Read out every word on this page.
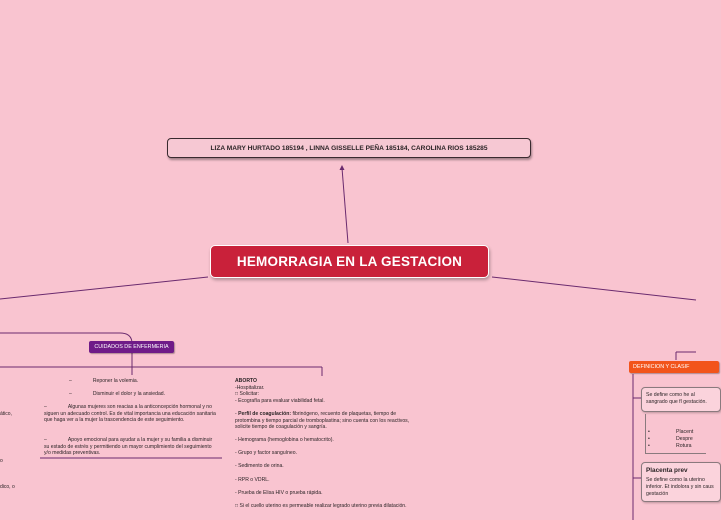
LIZA MARY HURTADO 185194 , LINNA GISSELLE PEÑA 185184, CAROLINA RIOS 185285
HEMORRAGIA EN LA GESTACION
CUIDADOS DE ENFERMERIA
DEFINICION Y CLASIF
–	Reponer la volemia.
–	Disminuir el dolor y la ansiedad.
–	Algunas mujeres son reacias a la anticoncepción hormonal y no siguen un adecuado control. Es de vital importancia una educación sanitaria que haga ver a la mujer la trascendencia de este seguimiento.
–	Apoyo emocional para ayudar a la mujer y su familia a disminuir su estado de estrés y permitiendo un mayor cumplimiento del seguimiento y/o medidas preventivas.
ABORTO
-Hospitalizar.
□ Solicitar:

- Ecografía para evaluar viabilidad fetal.

- Perfil de coagulación: fibrinógeno, recuento de plaquetas, tiempo de protombina y tiempo parcial de tromboplastina; sino cuenta con los reactivos, solicite tiempo de coagulación y sangría.

- Hemograma (hemoglobina o hematocrito).

- Grupo y factor sanguíneo.

- Sedimento de orina.

- RPR o VDRL.

- Prueba de Elisa HIV o prueba rápida.

□ Si el cuello uterino es permeable realizar legrado uterino previa dilatación.

Se define como he al sangrado que fl gestación.
•	Placent
•	Despre
•	Rotura
Placenta prev
Se define como la uterino inferior. Et indolora y sin caus gestación
ático,
o
dico, o
